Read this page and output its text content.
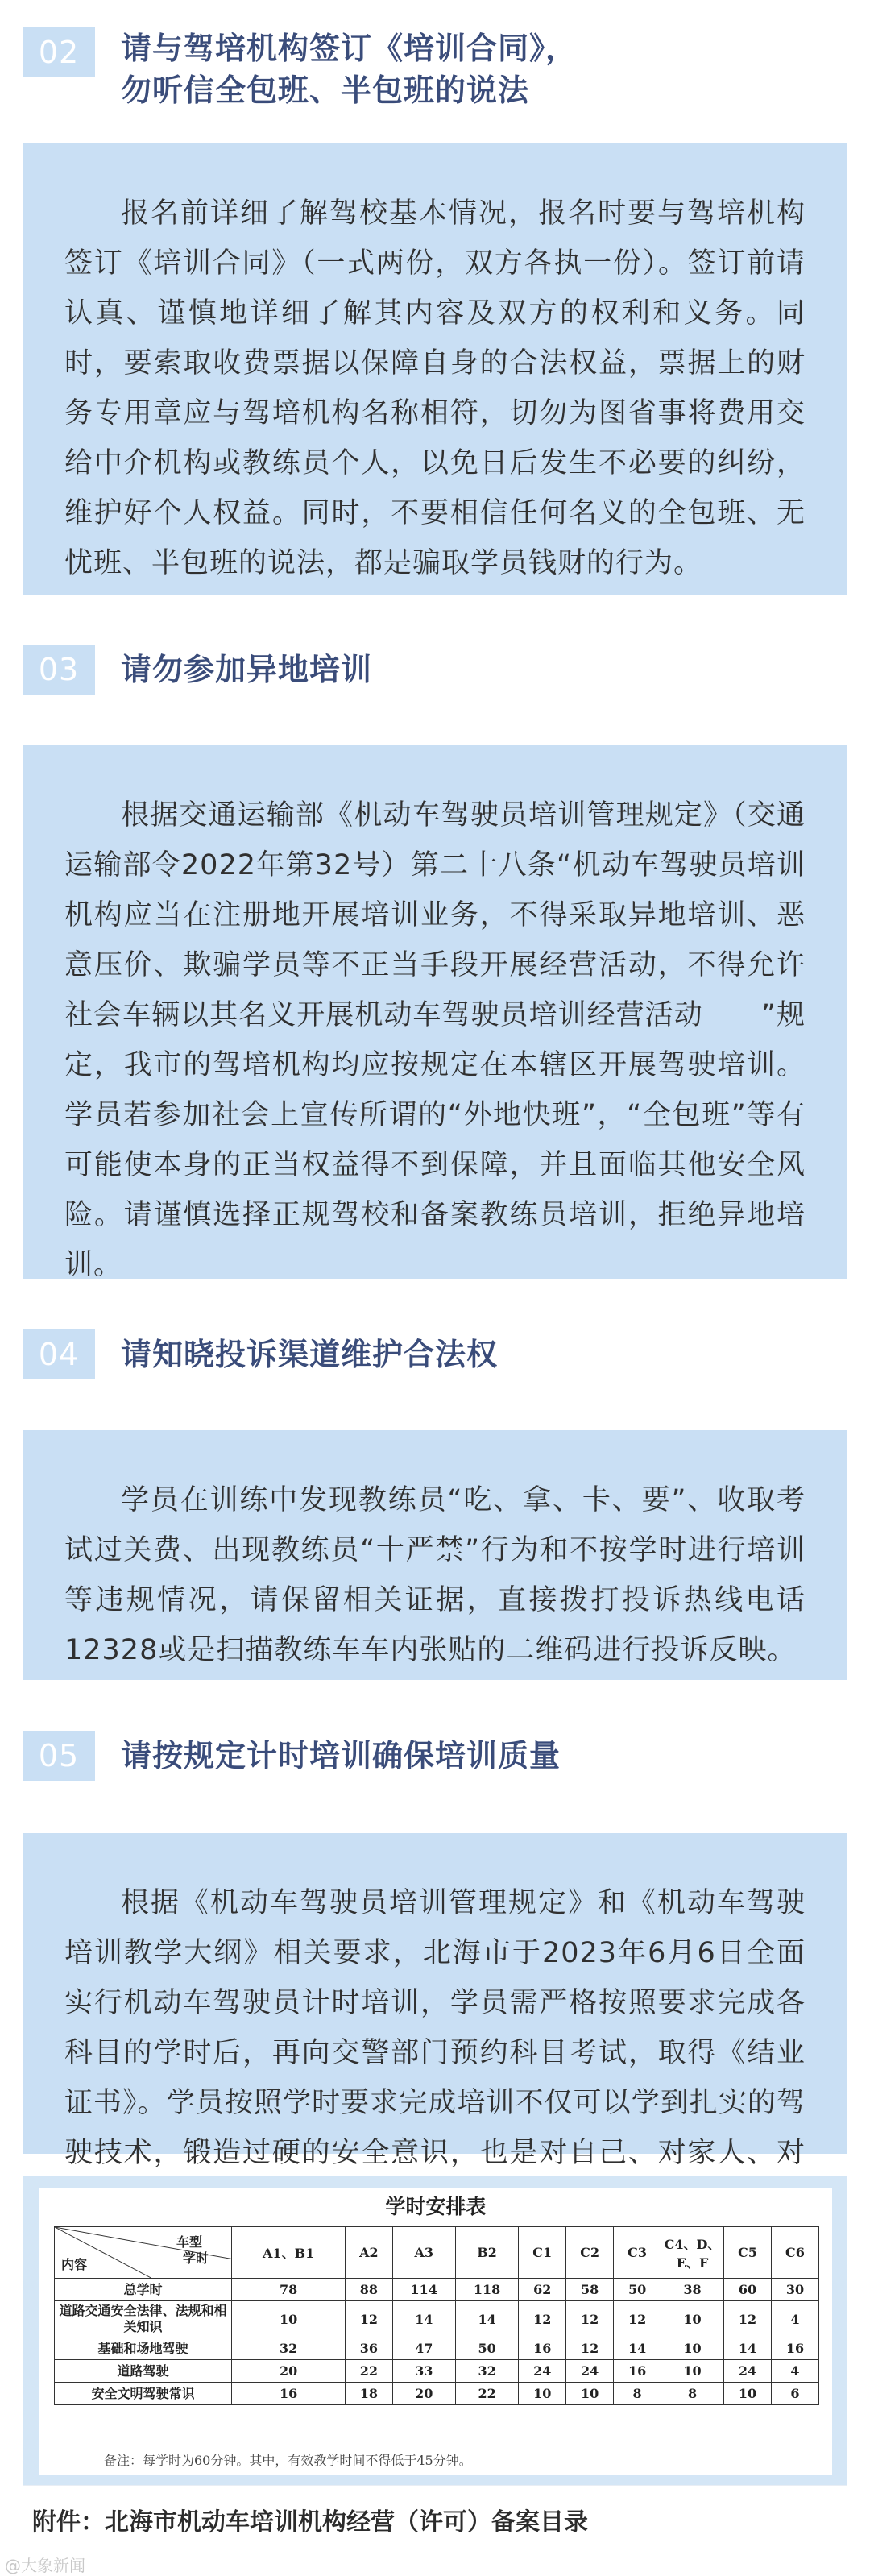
02	请与驾培机构签订《培训合同》，
勿听信全包班、半包班的说法

报名前详细了解驾校基本情况，报名时要与驾培机构签订《培训合同》（一式两份，双方各执一份）。签订前请认真、谨慎地详细了解其内容及双方的权利和义务。同时，要索取收费票据以保障自身的合法权益，票据上的财务专用章应与驾培机构名称相符，切勿为图省事将费用交给中介机构或教练员个人，以免日后发生不必要的纠纷，维护好个人权益。同时，不要相信任何名义的全包班、无忧班、半包班的说法，都是骗取学员钱财的行为。

03	请勿参加异地培训

根据交通运输部《机动车驾驶员培训管理规定》（交通运输部令2022年第32号）第二十八条“机动车驾驶员培训机构应当在注册地开展培训业务，不得采取异地培训、恶意压价、欺骗学员等不正当手段开展经营活动，不得允许社会车辆以其名义开展机动车驾驶员培训经营活动　　”规定，我市的驾培机构均应按规定在本辖区开展驾驶培训。学员若参加社会上宣传所谓的“外地快班”，“全包班”等有可能使本身的正当权益得不到保障，并且面临其他安全风险。请谨慎选择正规驾校和备案教练员培训，拒绝异地培训。

04	请知晓投诉渠道维护合法权

学员在训练中发现教练员“吃、拿、卡、要”、收取考试过关费、出现教练员“十严禁”行为和不按学时进行培训等违规情况，请保留相关证据，直接拨打投诉热线电话12328或是扫描教练车车内张贴的二维码进行投诉反映。

05	请按规定计时培训确保培训质量

根据《机动车驾驶员培训管理规定》和《机动车驾驶培训教学大纲》相关要求，北海市于2023年6月6日全面实行机动车驾驶员计时培训，学员需严格按照要求完成各科目的学时后，再向交警部门预约科目考试，取得《结业证书》。学员按照学时要求完成培训不仅可以学到扎实的驾驶技术，锻造过硬的安全意识，也是对自己、对家人、对

学时安排表
车型
学时
内容	A1、B1	A2	A3	B2	C1	C2	C3	C4、D、E、F	C5	C6
总学时	78	88	114	118	62	58	50	38	60	30
道路交通安全法律、法规和相关知识	10	12	14	14	12	12	12	10	12	4
基础和场地驾驶	32	36	47	50	16	12	14	10	14	16
道路驾驶	20	22	33	32	24	24	16	10	24	4
安全文明驾驶常识	16	18	20	22	10	10	8	8	10	6
备注：每学时为60分钟。其中，有效教学时间不得低于45分钟。
附件：北海市机动车培训机构经营（许可）备案目录
@大象新闻
